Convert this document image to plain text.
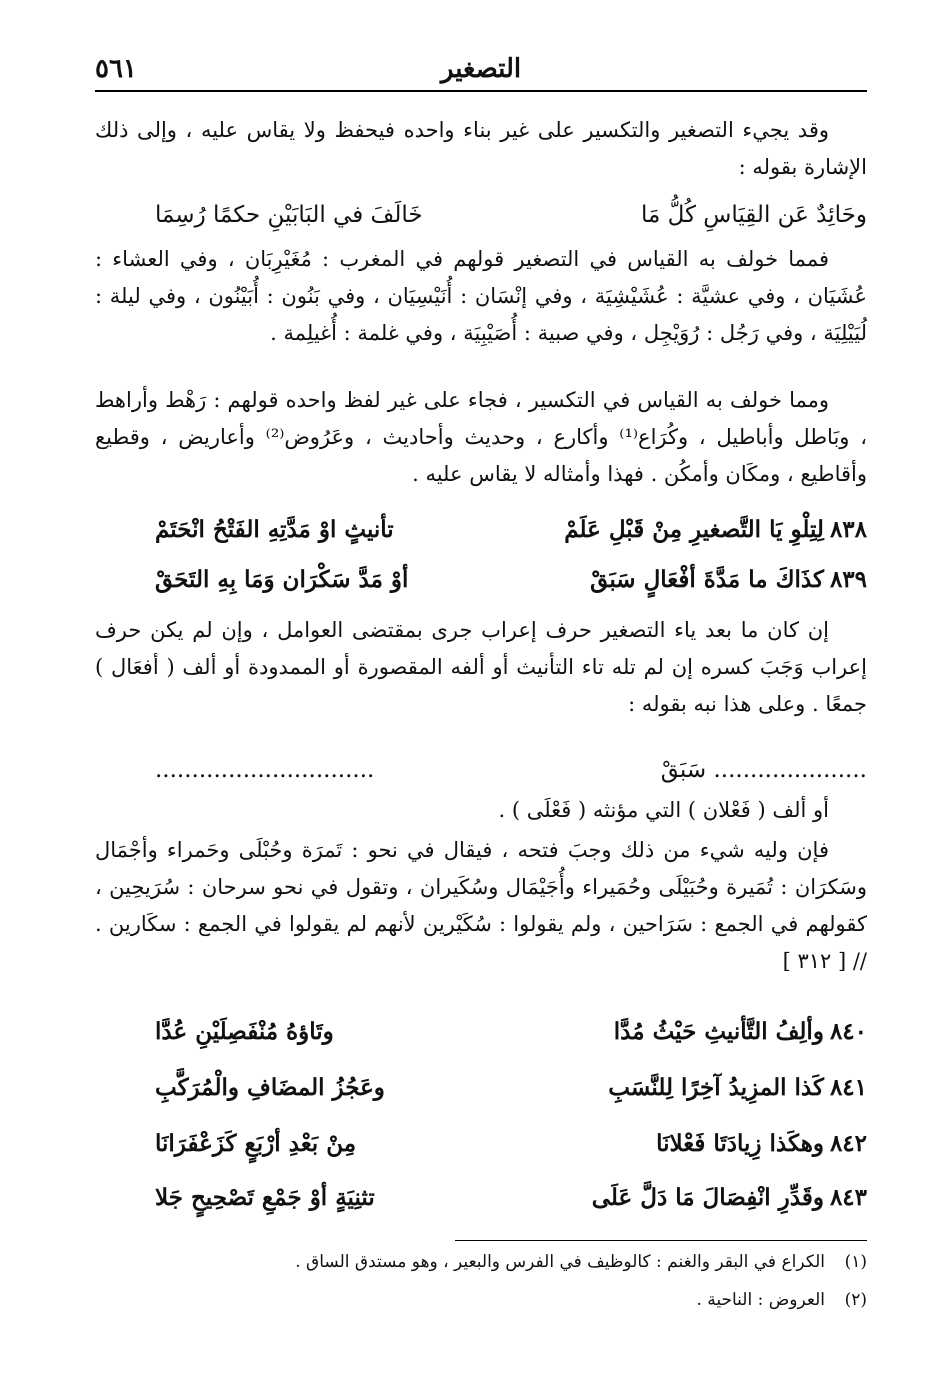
التصغير
٥٦١
وقد يجيء التصغير والتكسير على غير بناء واحده فيحفظ ولا يقاس عليه ، وإلى ذلك الإشارة بقوله :
وحَائِدٌ عَن القِيَاسِ كُلُّ مَا
خَالَفَ في البَابَيْنِ حكمًا رُسِمَا
فمما خولف به القياس في التصغير قولهم في المغرب : مُغَيْرِبَان ، وفي العشاء : عُشَيَان ، وفي عشيَّة : عُشَيْشِيَة ، وفي إنْسَان : أُنَيْسِيَان ، وفي بَنُون : أُبَيْنُون ، وفي ليلة : لُيَيْلِيَة ، وفي رَجُل : رُوَيْجِل ، وفي صبية : أُصَيْبِيَة ، وفي غلمة : أُغيلِمة .
ومما خولف به القياس في التكسير ، فجاء على غير لفظ واحده قولهم : رَهْط وأراهط ، وبَاطل وأباطيل ، وكُرَاع⁽¹⁾ وأكارع ، وحديث وأحاديث ، وعَرُوض⁽²⁾ وأعاريض ، وقطيع وأقاطيع ، ومكَان وأمكُن . فهذا وأمثاله لا يقاس عليه .
٨٣٨لِتِلْوِ يَا التَّصغيرِ مِنْ قَبْلِ عَلَمْ
تأنيثٍ اوْ مَدَّتِهِ الفَتْحُ انْحَتَمْ
٨٣٩كذَاكَ ما مَدَّةَ أفْعَالٍ سَبَقْ
أوْ مَدَّ سَكْرَان وَمَا بِهِ التَحَقْ
إن كان ما بعد ياء التصغير حرف إعراب جرى بمقتضى العوامل ، وإن لم يكن حرف إعراب وَجَبَ كسره إن لم تله تاء التأنيث أو ألفه المقصورة أو الممدودة أو ألف ( أفعَال ) جمعًا . وعلى هذا نبه بقوله :
..................... سَبَقْ
..............................
أو ألف ( فَعْلان ) التي مؤنثه ( فَعْلَى ) .
فإن وليه شيء من ذلك وجبَ فتحه ، فيقال في نحو : تَمرَة وحُبْلَى وحَمراء وأجْمَال وسَكرَان : تُمَيرة وحُبَيْلَى وحُمَيراء وأُجَيْمَال وسُكَيران ، وتقول في نحو سرحان : سُرَيحِين ، كقولهم في الجمع : سَرَاحين ، ولم يقولوا : سُكَيْرين لأنهم لم يقولوا في الجمع : سكَارين . // [ ٣١٢ ]
٨٤٠وألِفُ التَّأنيثِ حَيْثُ مُدَّا
وتَاؤهُ مُنْفَصِلَيْنِ عُدَّا
٨٤١كَذا المزِيدُ آخِرًا لِلنَّسَبِ
وعَجُزُ المضَافِ والْمُرَكَّبِ
٨٤٢وهكَذا زِيادَتَا فَعْلانَا
مِنْ بَعْدِ أرْبَعٍ كَزَعْفَرَانَا
٨٤٣وقَدِّرِ انْفِصَالَ مَا دَلَّ عَلَى
تثنِيَةٍ أوْ جَمْعِ تَصْحِيحٍ جَلا
(١)الكراع في البقر والغنم : كالوظيف في الفرس والبعير ، وهو مستدق الساق .
(٢)العروض : الناحية .
